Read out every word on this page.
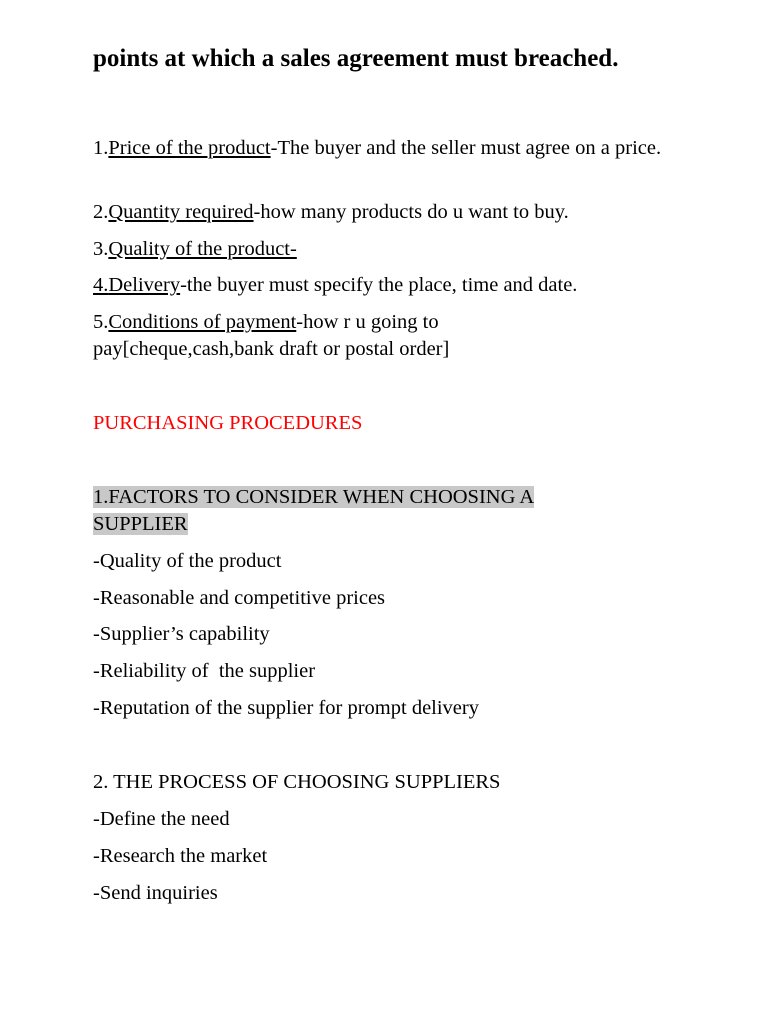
points at which a sales agreement must breached.
1.Price of the product-The buyer and the seller must agree on a price.
2.Quantity required-how many products do u want to buy.
3.Quality of the product-
4.Delivery-the buyer must specify the place, time and date.
5.Conditions of payment-how r u going to pay[cheque,cash,bank draft or postal order]
PURCHASING PROCEDURES
1.FACTORS TO CONSIDER WHEN CHOOSING A SUPPLIER
-Quality of the product
-Reasonable and competitive prices
-Supplier’s capability
-Reliability of  the supplier
-Reputation of the supplier for prompt delivery
2. THE PROCESS OF CHOOSING SUPPLIERS
-Define the need
-Research the market
-Send inquiries
